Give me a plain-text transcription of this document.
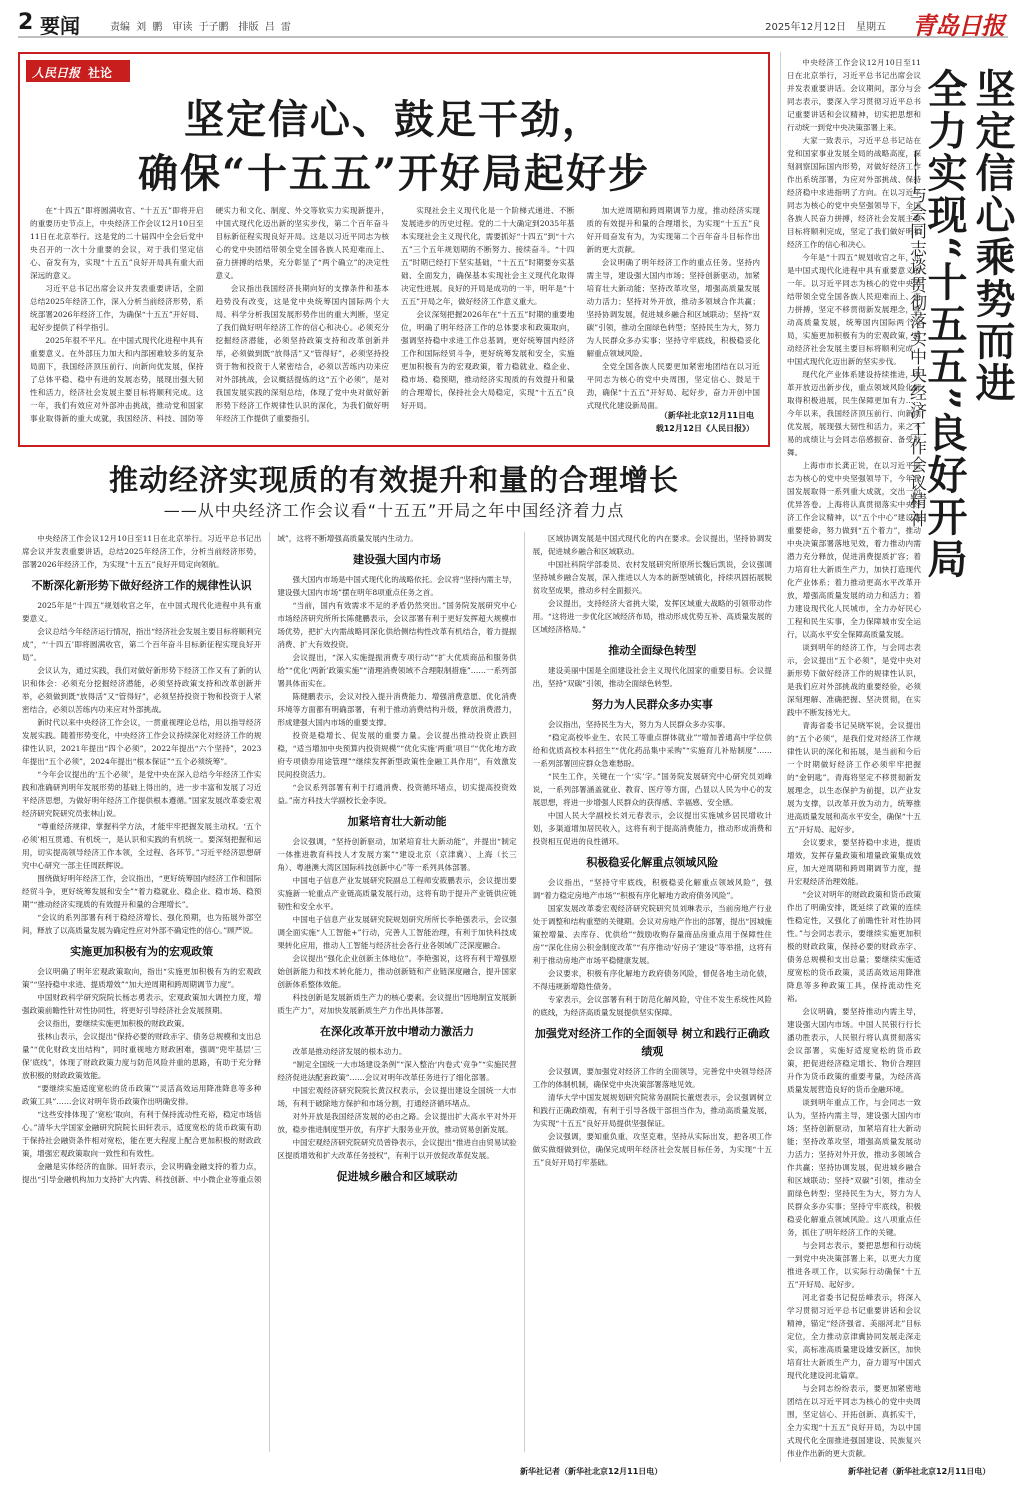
2 要闻	责编 刘 鹏　审读 于子鹏　排版 吕 雷	2025年12月12日　星期五 青岛日报
人民日报 社论
坚定信心、鼓足干劲，
确保“十五五”开好局起好步

在“十四五”即将圆满收官、“十五五”即将开启的重要历史节点上，中央经济工作会议12月10日至11日在北京举行。这是党的二十届四中全会后党中央召开的一次十分重要的会议，对于我们坚定信心、奋发有为，实现“十五五”良好开局具有重大而深远的意义。

习近平总书记出席会议并发表重要讲话，全面总结2025年经济工作，深入分析当前经济形势，系统部署2026年经济工作，为确保“十五五”开好局、起好步提供了科学指引。

2025年很不平凡。在中国式现代化进程中具有重要意义。在外部压力加大和内部困难较多的复杂局面下，我国经济顶压前行、向新向优发展，保持了总体平稳、稳中有进的发展态势，展现出强大韧性和活力，经济社会发展主要目标将顺利完成。这一年，我们有效应对外部冲击挑战，推动党和国家事业取得新的重大成就，我国经济、科技、国防等硬实力和文化、制度、外交等软实力实现新提升，中国式现代化迈出新的坚实步伐，第二个百年奋斗目标新征程实现良好开局。这是以习近平同志为核心的党中央团结带领全党全国各族人民迎难而上、奋力拼搏的结果，充分彰显了“两个确立”的决定性意义。

会议指出我国经济長期向好的支撑条件和基本趋势没有改变，这是党中央统筹国内国际两个大局、科学分析我国发展形势作出的重大判断，坚定了我们做好明年经济工作的信心和决心。必须充分挖掘经济潜能，必须坚持政策支持和改革创新并举，必须做到既“放得活”又“管得好”，必须坚持投资于物和投资于人紧密结合，必须以苦练内功来应对外部挑战，会议概括提炼的这“五个必须”，是对我国发展实践的深刻总结，体现了党中央对做好新形势下经济工作规律性认识的深化，为我们做好明年经济工作提供了重要指引。

实现社会主义现代化是一个阶梯式递进、不断发展进步的历史过程。党的二十大确定到2035年基本实现社会主义现代化，需要抓好“十四五”到“十六五”三个五年规划期的不断努力、接续奋斗。“十四五”时期已经打下坚实基础，“十五五”时期要夯实基础、全面发力，确保基本实现社会主义现代化取得决定性进展。良好的开局是成功的一半，明年是“十五五”开局之年，做好经济工作意义重大。

会议深刻把握2026年在“十五五”时期的重要地位，明确了明年经济工作的总体要求和政策取向，强调坚持稳中求进工作总基调，更好统筹国内经济工作和国际经贸斗争，更好统筹发展和安全，实施更加积极有为的宏观政策，着力稳就业、稳企业、稳市场、稳预期，推动经济实现质的有效提升和量的合理增长，保持社会大局稳定，实现“十五五”良好开局。

加大逆周期和跨周期调节力度，推动经济实现质的有效提升和量的合理增长，为实现“十五五”良好开局奋发有为，为实现第二个百年奋斗目标作出新的更大贡献。

会议明确了明年经济工作的重点任务。坚持内需主导，建设强大国内市场；坚持创新驱动，加紧培育壮大新动能；坚持改革攻坚，增强高质量发展动力活力；坚持对外开放，推动多领域合作共赢；坚持协调发展，促进城乡融合和区域联动；坚持“双碳”引领，推动全面绿色转型；坚持民生为大，努力为人民群众多办实事；坚持守牢底线，积极稳妥化解重点领域风险。

全党全国各族人民要更加紧密地团结在以习近平同志为核心的党中央周围，坚定信心、鼓足干劲，确保“十五五”开好局、起好步，奋力开创中国式现代化建设新局面。

（新华社北京12月11日电
载12月12日《人民日报》）
推动经济实现质的有效提升和量的合理增长
——从中央经济工作会议看“十五五”开局之年中国经济着力点

中央经济工作会议12月10日至11日在北京举行。习近平总书记出席会议并发表重要讲话，总结2025年经济工作，分析当前经济形势，部署2026年经济工作，为实现“十五五”良好开局定向领航。

不断深化新形势下做好经济工作的规律性认识

2025年是“十四五”规划收官之年，在中国式现代化进程中具有重要意义。

会议总结今年经济运行情况，指出“经济社会发展主要目标将顺利完成”，“‘十四五’即将圆满收官，第二个百年奋斗目标新征程实现良好开局”。

会议认为，通过实践，我们对做好新形势下经济工作又有了新的认识和体会：必须充分挖掘经济潜能，必须坚持政策支持和改革创新并举，必须做到既“放得活”又“管得好”，必须坚持投资于物和投资于人紧密结合，必须以苦练内功来应对外部挑战。

新时代以来中央经济工作会议，一贯重视理论总结，用以指导经济发展实践。随着形势变化，中央经济工作会议持续深化对经济工作的规律性认识，2021年提出“四个必须”，2022年提出“六个坚持”，2023年提出“五个必须”，2024年提出“根本保证”“五个必须统筹”。

“今年会议提出的‘五个必须’，是党中央在深入总结今年经济工作实践和准确研判明年发展形势的基础上得出的，进一步丰富和发展了习近平经济思想，为做好明年经济工作提供根本遵循。”国家发展改革委宏观经济研究院研究员张林山说。

“尊重经济规律、掌握科学方法，才能牢牢把握发展主动权。‘五个必须’相互贯通、有机统一，是认识和实践的有机统一。要深刻把握和运用，切实提高领导经济工作本领，全过程、各环节。”习近平经济思想研究中心研究一部主任周跃辉说。

围绕做好明年经济工作，会议指出，“更好统筹国内经济工作和国际经贸斗争，更好统筹发展和安全”“着力稳就业、稳企业、稳市场、稳预期”“推动经济实现质的有效提升和量的合理增长”。

“会议的系列部署有利于稳经济增长、强化预期，也为拓展外部空间，释放了以高质量发展为确定性应对外部不确定性的信心。”顾严说。

实施更加积极有为的宏观政策

会议明确了明年宏观政策取向，指出“实施更加积极有为的宏观政策”“坚持稳中求进、提质增效”“加大逆周期和跨周期调节力度”。

中国财政科学研究院院长杨志勇表示，宏观政策加大调控力度，增强政策前瞻性针对性协同性，将更好引导经济社会发展预期。

会议指出，要继续实施更加积极的财政政策。

张林山表示，会议提出“保持必要的财政赤字、债务总规模和支出总量”“优化财政支出结构”，同时重视地方财政困难，强调“兜牢基层‘三保’底线”，体现了财政政策力度与防范风险并重的思路，有助于充分释放积极的财政政策效能。

“要继续实施适度宽松的货币政策”“灵活高效运用降准降息等多种政策工具”……会议对明年货币政策作出明确安排。

“这些安排体现了‘宽松’取向，有利于保持流动性充裕，稳定市场信心。”清华大学国家金融研究院院长田轩表示，适度宽松的货币政策有助于保持社会融资条件相对宽松，能在更大程度上配合更加积极的财政政策，增强宏观政策取向一致性和有效性。

金融是实体经济的血脉。田轩表示，会议明确金融支持的着力点，提出“引导金融机构加力支持扩大内需、科技创新、中小微企业等重点领域”，这将不断增强高质量发展内生动力。

建设强大国内市场

强大国内市场是中国式现代化的战略依托。会议将“坚持内需主导，建设强大国内市场”摆在明年8项重点任务之首。

“当前，国内有效需求不足的矛盾仍然突出。”国务院发展研究中心市场经济研究所所长陈健鹏表示，会议部署有利于更好发挥超大规模市场优势，把扩大内需战略同深化供给侧结构性改革有机结合，着力提振消费、扩大有效投资。

会议提出，“深入实施提振消费专项行动”“扩大优质商品和服务供给”“优化‘两新’政策实施”“清理消费领域不合理限制措施”……一系列部署具体而实在。

陈健鹏表示，会议对投入提升消费能力、增强消费意愿、优化消费环境等方面都有明确部署，有利于推动消费结构升级，释放消费潜力，形成建强大国内市场的重要支撑。

投资是稳增长、促发展的重要力量。会议提出推动投资止跌回稳，“适当增加中央预算内投资规模”“优化实施‘两重’项目”“优化地方政府专项债券用途管理”“继续发挥新型政策性金融工具作用”，有效激发民间投资活力。

“会议系列部署有利于打通消费、投资循环堵点，切实提高投资效益。”南方科技大学副校长金李说。

加紧培育壮大新动能

会议强调，“坚持创新驱动，加紧培育壮大新动能”，并提出“制定一体推进教育科技人才发展方案”“建设北京（京津冀）、上海（长三角）、粤港澳大湾区国际科技创新中心”等一系列具体部署。

中国电子信息产业发展研究院副总工程师安筱鹏表示，会议提出要实施新一轮重点产业链高质量发展行动，这将有助于提升产业链供应链韧性和安全水平。

中国电子信息产业发展研究院规划研究所所长李艳强表示，会议强调全面实施“人工智能+”行动，完善人工智能治理，有利于加快科技成果转化应用，推动人工智能与经济社会各行业各领域广泛深度融合。

会议提出“强化企业创新主体地位”。李艳强说，这将有利于增强原始创新能力和技术转化能力，推动创新链和产业链深度融合，提升国家创新体系整体效能。

科技创新是发展新质生产力的核心要素。会议提出“因地制宜发展新质生产力”，对加快发展新质生产力作出具体部署。

在深化改革开放中增动力激活力

改革是推动经济发展的根本动力。

“制定全国统一大市场建设条例”“深入整治‘内卷式’竞争”“实施民营经济促进法配套政策”……会议对明年改革任务进行了细化部署。

中国宏观经济研究院院长黄汉权表示，会议提出建设全国统一大市场，有利于破除地方保护和市场分割，打通经济循环堵点。

对外开放是我国经济发展的必由之路。会议提出扩大高水平对外开放，稳步推进制度型开放，有序扩大服务业开放，推动贸易创新发展。

中国宏观经济研究院研究员曾铮表示，会议提出“推进自由贸易试验区提质增效和扩大改革任务授权”，有利于以开放促改革促发展。

促进城乡融合和区域联动

区域协调发展是中国式现代化的内在要求。会议提出，坚持协调发展，促进城乡融合和区域联动。

中国社科院学部委员、农村发展研究所原所长魏后凯说，会议强调坚持城乡融合发展，深入推进以人为本的新型城镇化，持续巩固拓展脱贫攻坚成果，推动乡村全面振兴。

会议提出，支持经济大省挑大梁，发挥区域重大战略的引领带动作用。“这将进一步优化区域经济布局，推动形成优势互补、高质量发展的区域经济格局。”

推动全面绿色转型

建设美丽中国是全面建设社会主义现代化国家的重要目标。会议提出，坚持“双碳”引领，推动全面绿色转型。

努力为人民群众多办实事

会议指出，坚持民生为大，努力为人民群众多办实事。

“稳定高校毕业生、农民工等重点群体就业”“增加普通高中学位供给和优质高校本科招生”“优化药品集中采购”“实施育儿补贴制度”……一系列部署回应群众急难愁盼。

“民生工作，关键在一个‘实’字。”国务院发展研究中心研究员刘峰说，一系列部署涵盖就业、教育、医疗等方面，凸显以人民为中心的发展思想，将进一步增强人民群众的获得感、幸福感、安全感。

中国人民大学副校长刘元春表示，会议提出实施城乡居民增收计划，多渠道增加居民收入，这将有利于提高消费能力，推动形成消费和投资相互促进的良性循环。

积极稳妥化解重点领域风险

会议指出，“坚持守牢底线，积极稳妥化解重点领域风险”，强调“着力稳定房地产市场”“积极有序化解地方政府债务风险”。

国家发展改革委宏观经济研究院研究员刘琳表示，当前房地产行业处于调整和结构重塑的关键期。会议对房地产作出的部署，提出“因城施策控增量、去库存、优供给”“鼓励收购存量商品房重点用于保障性住房”“深化住房公积金制度改革”“有序推动‘好房子’建设”等举措，这将有利于推动房地产市场平稳健康发展。

会议要求，积极有序化解地方政府债务风险，督促各地主动化债，不得违规新增隐性债务。

专家表示，会议部署有利于防范化解风险，守住不发生系统性风险的底线，为经济高质量发展提供坚实保障。

加强党对经济工作的全面领导 树立和践行正确政绩观

会议强调，要加强党对经济工作的全面领导，完善党中央领导经济工作的体制机制，确保党中央决策部署落地见效。

清华大学中国发展规划研究院常务副院长董煜表示，会议强调树立和践行正确政绩观，有利于引导各级干部担当作为，推动高质量发展，为实现“十五五”良好开局提供坚强保证。

会议强调，要知重负重、攻坚克难，坚持从实际出发，把各项工作做实做细做到位，确保完成明年经济社会发展目标任务，为实现“十五五”良好开局打牢基础。

新华社记者（新华社北京12月11日电）

中央经济工作会议12月10日至11日在北京举行，习近平总书记出席会议并发表重要讲话。会议期间，部分与会同志表示，要深入学习贯彻习近平总书记重要讲话和会议精神，切实把思想和行动统一到党中央决策部署上来。

大家一致表示，习近平总书记站在党和国家事业发展全局的战略高度，深刻洞察国际国内形势，对做好经济工作作出系统部署，为应对外部挑战、保持经济稳中求进指明了方向。在以习近平同志为核心的党中央坚强领导下，全国各族人民奋力拼搏，经济社会发展主要目标将顺利完成，坚定了我们做好明年经济工作的信心和决心。

今年是“十四五”规划收官之年，也是中国式现代化进程中具有重要意义的一年。以习近平同志为核心的党中央团结带领全党全国各族人民迎难而上、奋力拼搏，坚定不移贯彻新发展理念，推动高质量发展，统筹国内国际两个大局，实施更加积极有为的宏观政策，推动经济社会发展主要目标将顺利完成，中国式现代化迈出新的坚实步伐。

现代化产业体系建设持续推进，改革开放迈出新步伐，重点领域风险化解取得积极进展，民生保障更加有力……今年以来，我国经济顶压前行、向新向优发展，展现强大韧性和活力，来之不易的成绩让与会同志倍感振奋、备受鼓舞。

上海市市长龚正说，在以习近平同志为核心的党中央坚强领导下，今年我国发展取得一系列重大成就，交出一份优异答卷。上海将认真贯彻落实中央经济工作会议精神，以“五个中心”建设为重要使命，努力做到“五个着力”，推动中央决策部署落地见效，着力推动内需潜力充分释放，促进消费提质扩容；着力培育壮大新质生产力，加快打造现代化产业体系；着力推动更高水平改革开放，增强高质量发展的动力和活力；着力建设现代化人民城市，全力办好民心工程和民生实事，全力保障城市安全运行，以高水平安全保障高质量发展。

谈到明年的经济工作，与会同志表示，会议提出“五个必须”，是党中央对新形势下做好经济工作的规律性认识，是我们应对外部挑战的重要经验，必须深刻理解、准确把握、坚决贯彻，在实践中不断发扬光大。

青海省委书记吴晓军说，会议提出的“五个必须”，是我们党对经济工作规律性认识的深化和拓展，是当前和今后一个时期做好经济工作必须牢牢把握的“金钥匙”。青海将坚定不移贯彻新发展理念，以生态保护为前提，以产业发展为支撑，以改革开放为动力，统筹推进高质量发展和高水平安全，确保“十五五”开好局、起好步。

会议要求，要坚持稳中求进，提质增效，发挥存量政策和增量政策集成效应，加大逆周期和跨周期调节力度，提升宏观经济治理效能。

“会议对明年的财政政策和货币政策作出了明确安排，既延续了政策的连续性稳定性，又强化了前瞻性针对性协同性。”与会同志表示，要继续实施更加积极的财政政策，保持必要的财政赤字、债务总规模和支出总量；要继续实施适度宽松的货币政策，灵活高效运用降准降息等多种政策工具，保持流动性充裕。

会议明确，要坚持推动内需主导，建设强大国内市场。中国人民银行行长潘功胜表示，人民银行将认真贯彻落实会议部署，实施好适度宽松的货币政策，把促进经济稳定增长、物价合理回升作为货币政策的重要考量，为经济高质量发展营造良好的货币金融环境。

谈到明年重点工作，与会同志一致认为，坚持内需主导，建设强大国内市场；坚持创新驱动，加紧培育壮大新动能；坚持改革攻坚，增强高质量发展动力活力；坚持对外开放，推动多领域合作共赢；坚持协调发展，促进城乡融合和区域联动；坚持“双碳”引领，推动全面绿色转型；坚持民生为大，努力为人民群众多办实事；坚持守牢底线，积极稳妥化解重点领域风险。这八项重点任务，抓住了明年经济工作的关键。

与会同志表示，要把思想和行动统一到党中央决策部署上来，以更大力度推进各项工作，以实际行动确保“十五五”开好局、起好步。

河北省委书记倪岳峰表示，将深入学习贯彻习近平总书记重要讲话和会议精神，锚定“经济强省、美丽河北”目标定位，全力推动京津冀协同发展走深走实，高标准高质量建设雄安新区，加快培育壮大新质生产力，奋力谱写中国式现代化建设河北篇章。

与会同志纷纷表示，要更加紧密地团结在以习近平同志为核心的党中央周围，坚定信心、开拓创新、真抓实干，全力实现“十五五”良好开局，为以中国式现代化全面推进强国建设、民族复兴伟业作出新的更大贡献。

坚定信心乘势而进
全力实现“十五五”良好开局
——与会同志谈贯彻落实中央经济工作会议精神
新华社记者（新华社北京12月11日电）
